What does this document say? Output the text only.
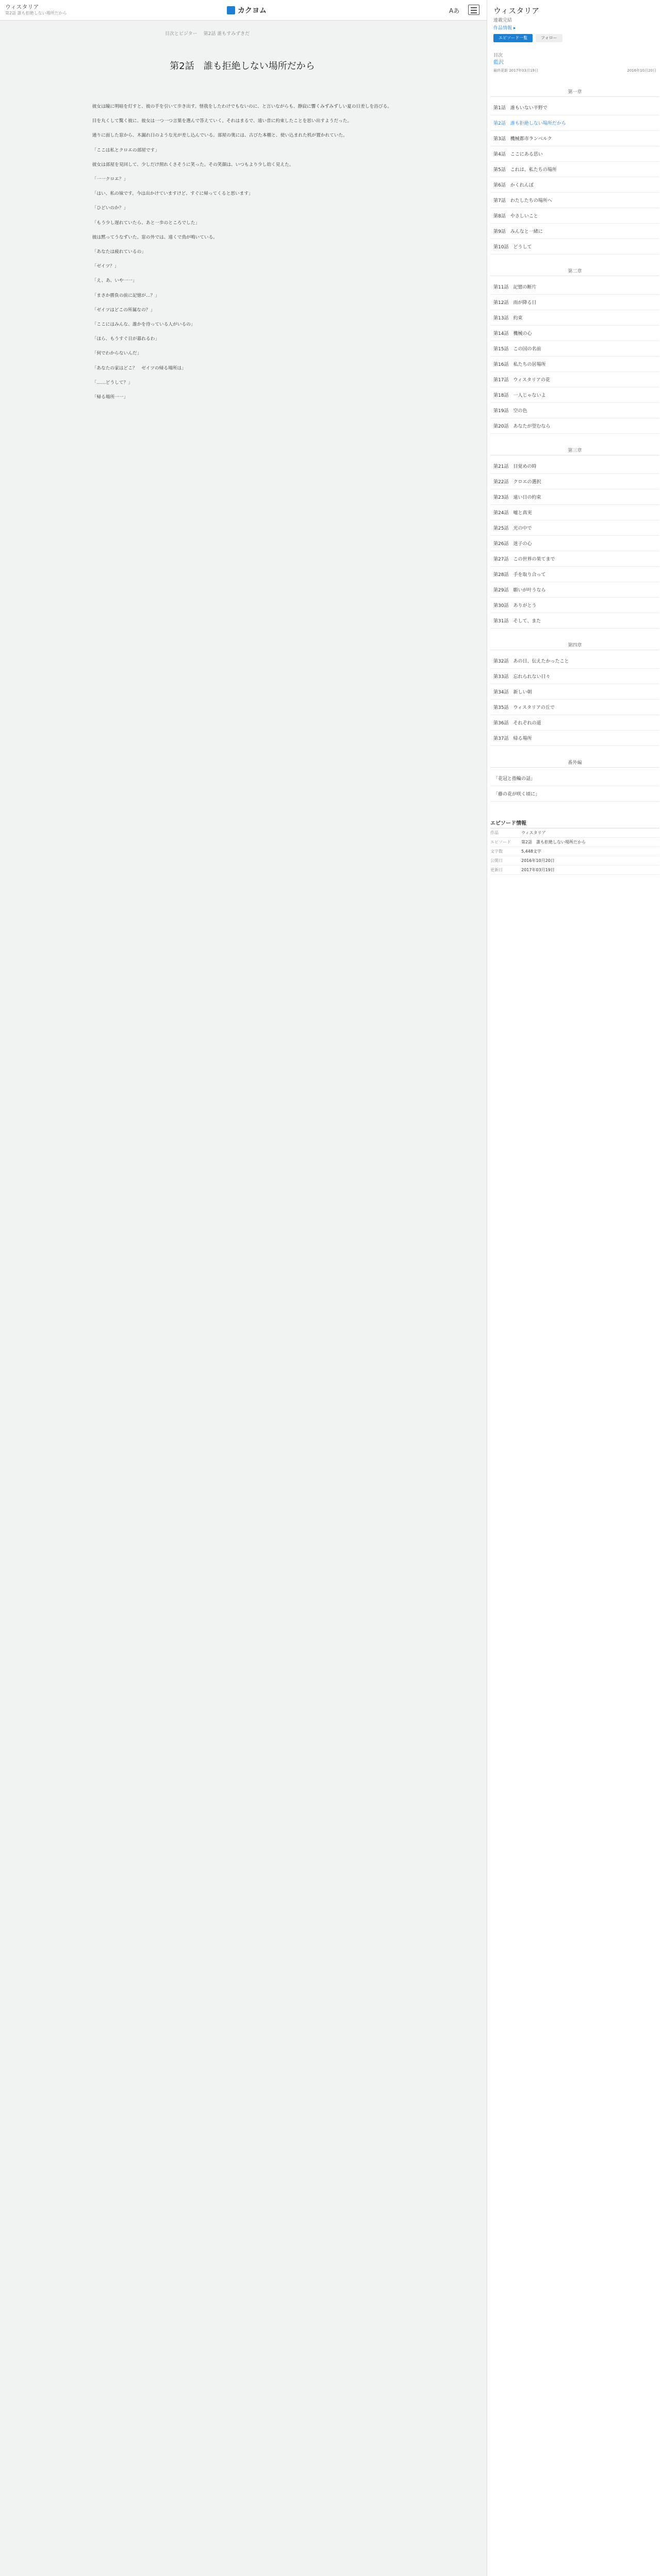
ウィスタリア
第2話 誰も拒絶しない場所だから	カクヨム	Aあ
目次とビジター 第2話 誰もすみずきだ
第2話　誰も拒絶しない場所だから

彼女は瞳に明暗を灯すと、彼の手を引いて歩き出す。怪我をしたわけでもないのに、と言いながらも、静寂に響くみずみずしい夏の日差しを浴びる。

目を丸くして驚く彼に、彼女は一つ一つ言葉を選んで答えていく。それはまるで、遠い昔に約束したことを思い出すようだった。

通りに面した窓から、木漏れ日のような光が差し込んでいる。部屋の奥には、古びた本棚と、使い込まれた机が置かれていた。

「ここは私とクロエの部屋です」

彼女は部屋を見回して、少しだけ照れくさそうに笑った。その笑顔は、いつもより少し幼く見えた。

「一一クロエ？」

「はい、私の妹です。今は出かけていますけど、すぐに帰ってくると思います」

「ひどいのか？」

「もう少し遅れていたら、あと一歩のところでした」

彼は黙ってうなずいた。窓の外では、遠くで鳥が鳴いている。

「あなたは疲れているの」

「ゼイツ？」

「え、あ、いや一一」

「まさか勝負の前に記憶が…？」

「ゼイツはどこの所属なの？」

「ここにはみんな、誰かを待っている人がいるの」

「ほら、もうすぐ日が暮れるわ」

「何でわからないんだ」

「あなたの家はどこ？　ゼイツの帰る場所は」

「……どうして？」

「帰る場所一一」

ウィスタリア
連載完結
作品情報 ▸
エピソード一覧	フォロー
目次
藍沢
最終更新 2017年03月19日	2016年10月20日
第一章
第1話　誰もいない平野で
第2話　誰も拒絶しない場所だから
第3話　機械都市ランベルク
第4話　ここにある思い
第5話　これは、私たちの場所
第6話　かくれんぼ
第7話　わたしたちの場所へ
第8話　やさしいこと
第9話　みんなと一緒に
第10話　どうして
第二章
第11話　記憶の断片
第12話　雨が降る日
第13話　約束
第14話　機械の心
第15話　この国の名前
第16話　私たちの居場所
第17話　ウィスタリアの花
第18話　一人じゃないよ
第19話　空の色
第20話　あなたが望むなら
第三章
第21話　目覚めの時
第22話　クロエの選択
第23話　遠い日の約束
第24話　嘘と真実
第25話　光の中で
第26話　迷子の心
第27話　この世界の果てまで
第28話　手を取り合って
第29話　願いが叶うなら
第30話　ありがとう
第31話　そして、また
第四章
第32話　あの日、伝えたかったこと
第33話　忘れられない日々
第34話　新しい朝
第35話　ウィスタリアの丘で
第36話　それぞれの道
第37話　帰る場所
番外編
「花冠と指輪の話」
「藤の花が咲く頃に」
エピソード情報
作品	ウィスタリア
エピソード	第2話　誰も拒絶しない場所だから
文字数	5,448文字
公開日	2016年10月20日
更新日	2017年03月19日
